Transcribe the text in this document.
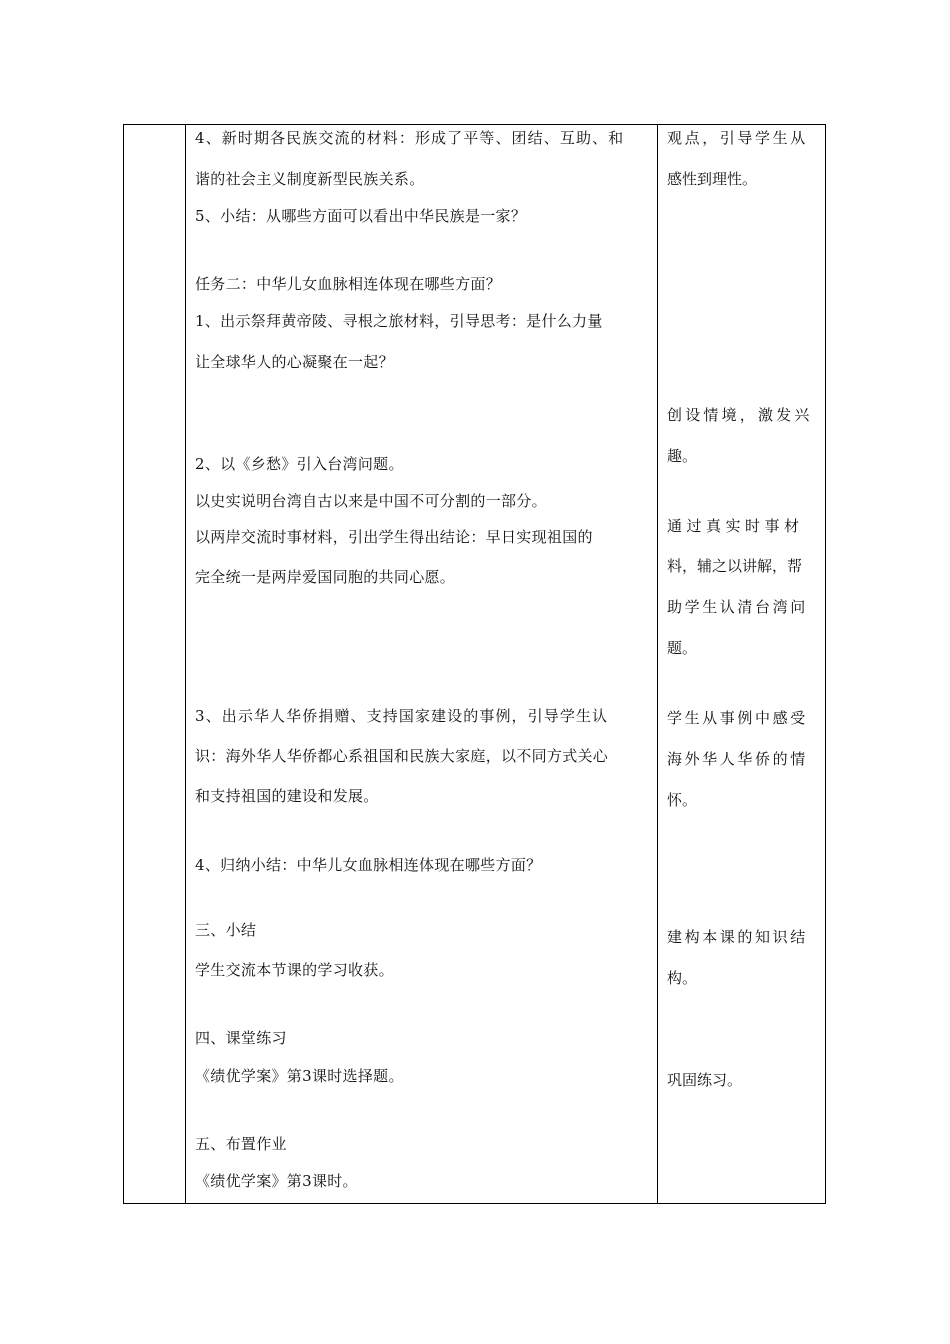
4、新时期各民族交流的材料：形成了平等、团结、互助、和
谐的社会主义制度新型民族关系。
5、小结：从哪些方面可以看出中华民族是一家？
任务二：中华儿女血脉相连体现在哪些方面？
1、出示祭拜黄帝陵、寻根之旅材料，引导思考：是什么力量
让全球华人的心凝聚在一起？
2、以《乡愁》引入台湾问题。
以史实说明台湾自古以来是中国不可分割的一部分。
以两岸交流时事材料，引出学生得出结论：早日实现祖国的
完全统一是两岸爱国同胞的共同心愿。
3、出示华人华侨捐赠、支持国家建设的事例，引导学生认
识：海外华人华侨都心系祖国和民族大家庭，以不同方式关心
和支持祖国的建设和发展。
4、归纳小结：中华儿女血脉相连体现在哪些方面？
三、小结
学生交流本节课的学习收获。
四、课堂练习
《绩优学案》第3课时选择题。
五、布置作业
《绩优学案》第3课时。
观点，引导学生从
感性到理性。
创设情境，激发兴
趣。
通过真实时事材
料，辅之以讲解，帮
助学生认清台湾问
题。
学生从事例中感受
海外华人华侨的情
怀。
建构本课的知识结
构。
巩固练习。
